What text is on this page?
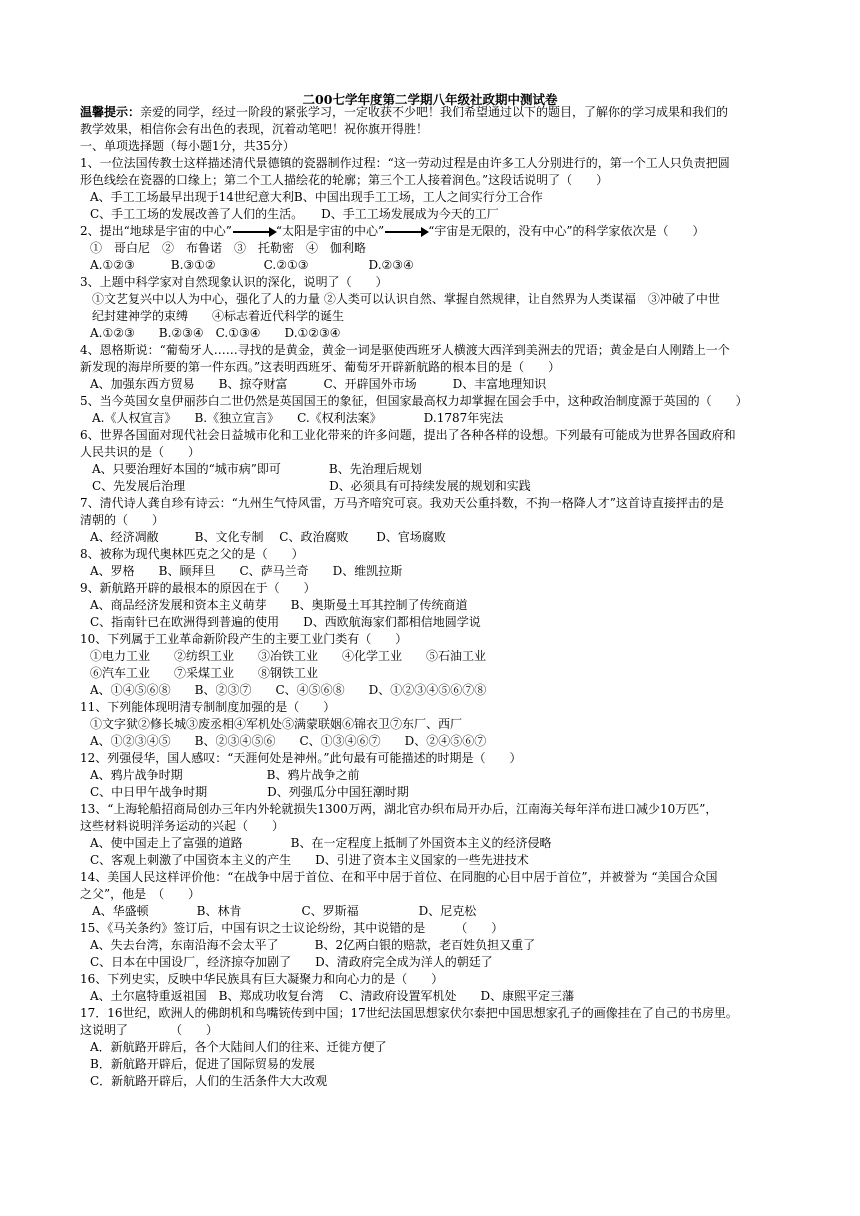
二00七学年度第二学期八年级社政期中测试卷
温馨提示：亲爱的同学，经过一阶段的紧张学习，一定收获不少吧！我们希望通过以下的题目，了解你的学习成果和我们的
教学效果，相信你会有出色的表现，沉着动笔吧！祝你旗开得胜！
一、单项选择题（每小题1分，共35分）
1、一位法国传教士这样描述清代景德镇的瓷器制作过程：“这一劳动过程是由许多工人分别进行的，第一个工人只负责把圆
形色线绘在瓷器的口缘上；第二个工人描绘花的轮廓；第三个工人接着润色。”这段话说明了（　　）
A、手工工场最早出现于14世纪意大利B、中国出现手工工场，工人之间实行分工合作
C、手工工场的发展改善了人们的生活。　　D、手工工场发展成为今天的工厂
2、提出“地球是宇宙的中心”	“太阳是宇宙的中心”	“宇宙是无限的，没有中心”的科学家依次是（　　）
①　哥白尼　②　布鲁诺　③　托勒密　④　伽利略
A.①②③　　　B.③①②　　　　C.②①③　　　　　D.②③④
3、上题中科学家对自然现象认识的深化，说明了（　　）
①文艺复兴中以人为中心，强化了人的力量 ②人类可以认识自然、掌握自然规律，让自然界为人类谋福　③冲破了中世
纪封建神学的束缚　　④标志着近代科学的诞生
A.①②③　　B.②③④　C.①③④　　D.①②③④
4、恩格斯说：“葡萄牙人……寻找的是黄金，黄金一词是驱使西班牙人横渡大西洋到美洲去的咒语；黄金是白人刚踏上一个
新发现的海岸所要的第一件东西。”这表明西班牙、葡萄牙开辟新航路的根本目的是（　　）
A、加强东西方贸易　　B、掠夺财富　　　C、开辟国外市场　　　D、丰富地理知识
5、当今英国女皇伊丽莎白二世仍然是英国国王的象征，但国家最高权力却掌握在国会手中，这种政治制度源于英国的（　　）
A.《人权宣言》　　B.《独立宣言》　　C.《权利法案》　　　　D.1787年宪法
6、世界各国面对现代社会日益城市化和工业化带来的许多问题，提出了各种各样的设想。下列最有可能成为世界各国政府和
人民共识的是（　　）
A、只要治理好本国的“城市病”即可　　　　B、先治理后规划
C、先发展后治理　　　　　　　　　　　　D、必须具有可持续发展的规划和实践
7、清代诗人龚自珍有诗云：“九州生气恃风雷，万马齐喑究可哀。我劝天公重抖数，不拘一格降人才”这首诗直接抨击的是
清朝的（　　）
A、经济凋敝　　　B、文化专制　 C、政治腐败　　 D、官场腐败
8、被称为现代奥林匹克之父的是（　　）
A、罗格　　B、顾拜旦　　C、萨马兰奇　　D、维凯拉斯
9、新航路开辟的最根本的原因在于（　　）
A、商品经济发展和资本主义萌芽　　B、奥斯曼土耳其控制了传统商道
C、指南针已在欧洲得到普遍的使用　　D、西欧航海家们都相信地圆学说
10、下列属于工业革命新阶段产生的主要工业门类有（　　）
①电力工业　　②纺织工业　　③冶铁工业　　④化学工业　　⑤石油工业
⑥汽车工业　　⑦采煤工业　　⑧钢铁工业
A、①④⑤⑥⑧　　B、②③⑦　　C、④⑤⑥⑧　　D、①②③④⑤⑥⑦⑧
11、下列能体现明清专制制度加强的是（　　）
①文字狱②修长城③废丞相④军机处⑤满蒙联姻⑥锦衣卫⑦东厂、西厂
A、①②③④⑤　　B、②③④⑤⑥　　C、①③④⑥⑦　　D、②④⑤⑥⑦
12、列强侵华，国人感叹：“天涯何处是神州。”此句最有可能描述的时期是（　　）
A、鸦片战争时期　　　　　　　B、鸦片战争之前
C、中日甲午战争时期　　　　　D、列强瓜分中国狂潮时期
13、“上海轮船招商局创办三年内外轮就损失1300万两，湖北官办织布局开办后，江南海关每年洋布进口减少10万匹”，
这些材料说明洋务运动的兴起（　　）
A、使中国走上了富强的道路　　　　B、在一定程度上抵制了外国资本主义的经济侵略
C、客观上刺激了中国资本主义的产生　　D、引进了资本主义国家的一些先进技术
14、美国人民这样评价他：“在战争中居于首位、在和平中居于首位、在同胞的心目中居于首位”，并被誉为 “美国合众国
之父”，他是　（　　）
A、华盛顿　　　　B、林肯　　　　　C、罗斯福　　　　　D、尼克松
15、《马关条约》签订后，中国有识之士议论纷纷，其中说错的是　　　（　　）
A、失去台湾，东南沿海不会太平了　　　B、2亿两白银的赔款，老百姓负担又重了
C、日本在中国设厂，经济掠夺加剧了　　D、清政府完全成为洋人的朝廷了
16、下列史实，反映中华民族具有巨大凝聚力和向心力的是（　　）
A、土尔扈特重返祖国　B、郑成功收复台湾　 C、清政府设置军机处　　D、康熙平定三藩
17．16世纪，欧洲人的佛朗机和鸟嘴铳传到中国；17世纪法国思想家伏尔泰把中国思想家孔子的画像挂在了自己的书房里。
这说明了　　　　（　　）
A．新航路开辟后，各个大陆间人们的往来、迁徙方便了
B．新航路开辟后，促进了国际贸易的发展
C．新航路开辟后，人们的生活条件大大改观
